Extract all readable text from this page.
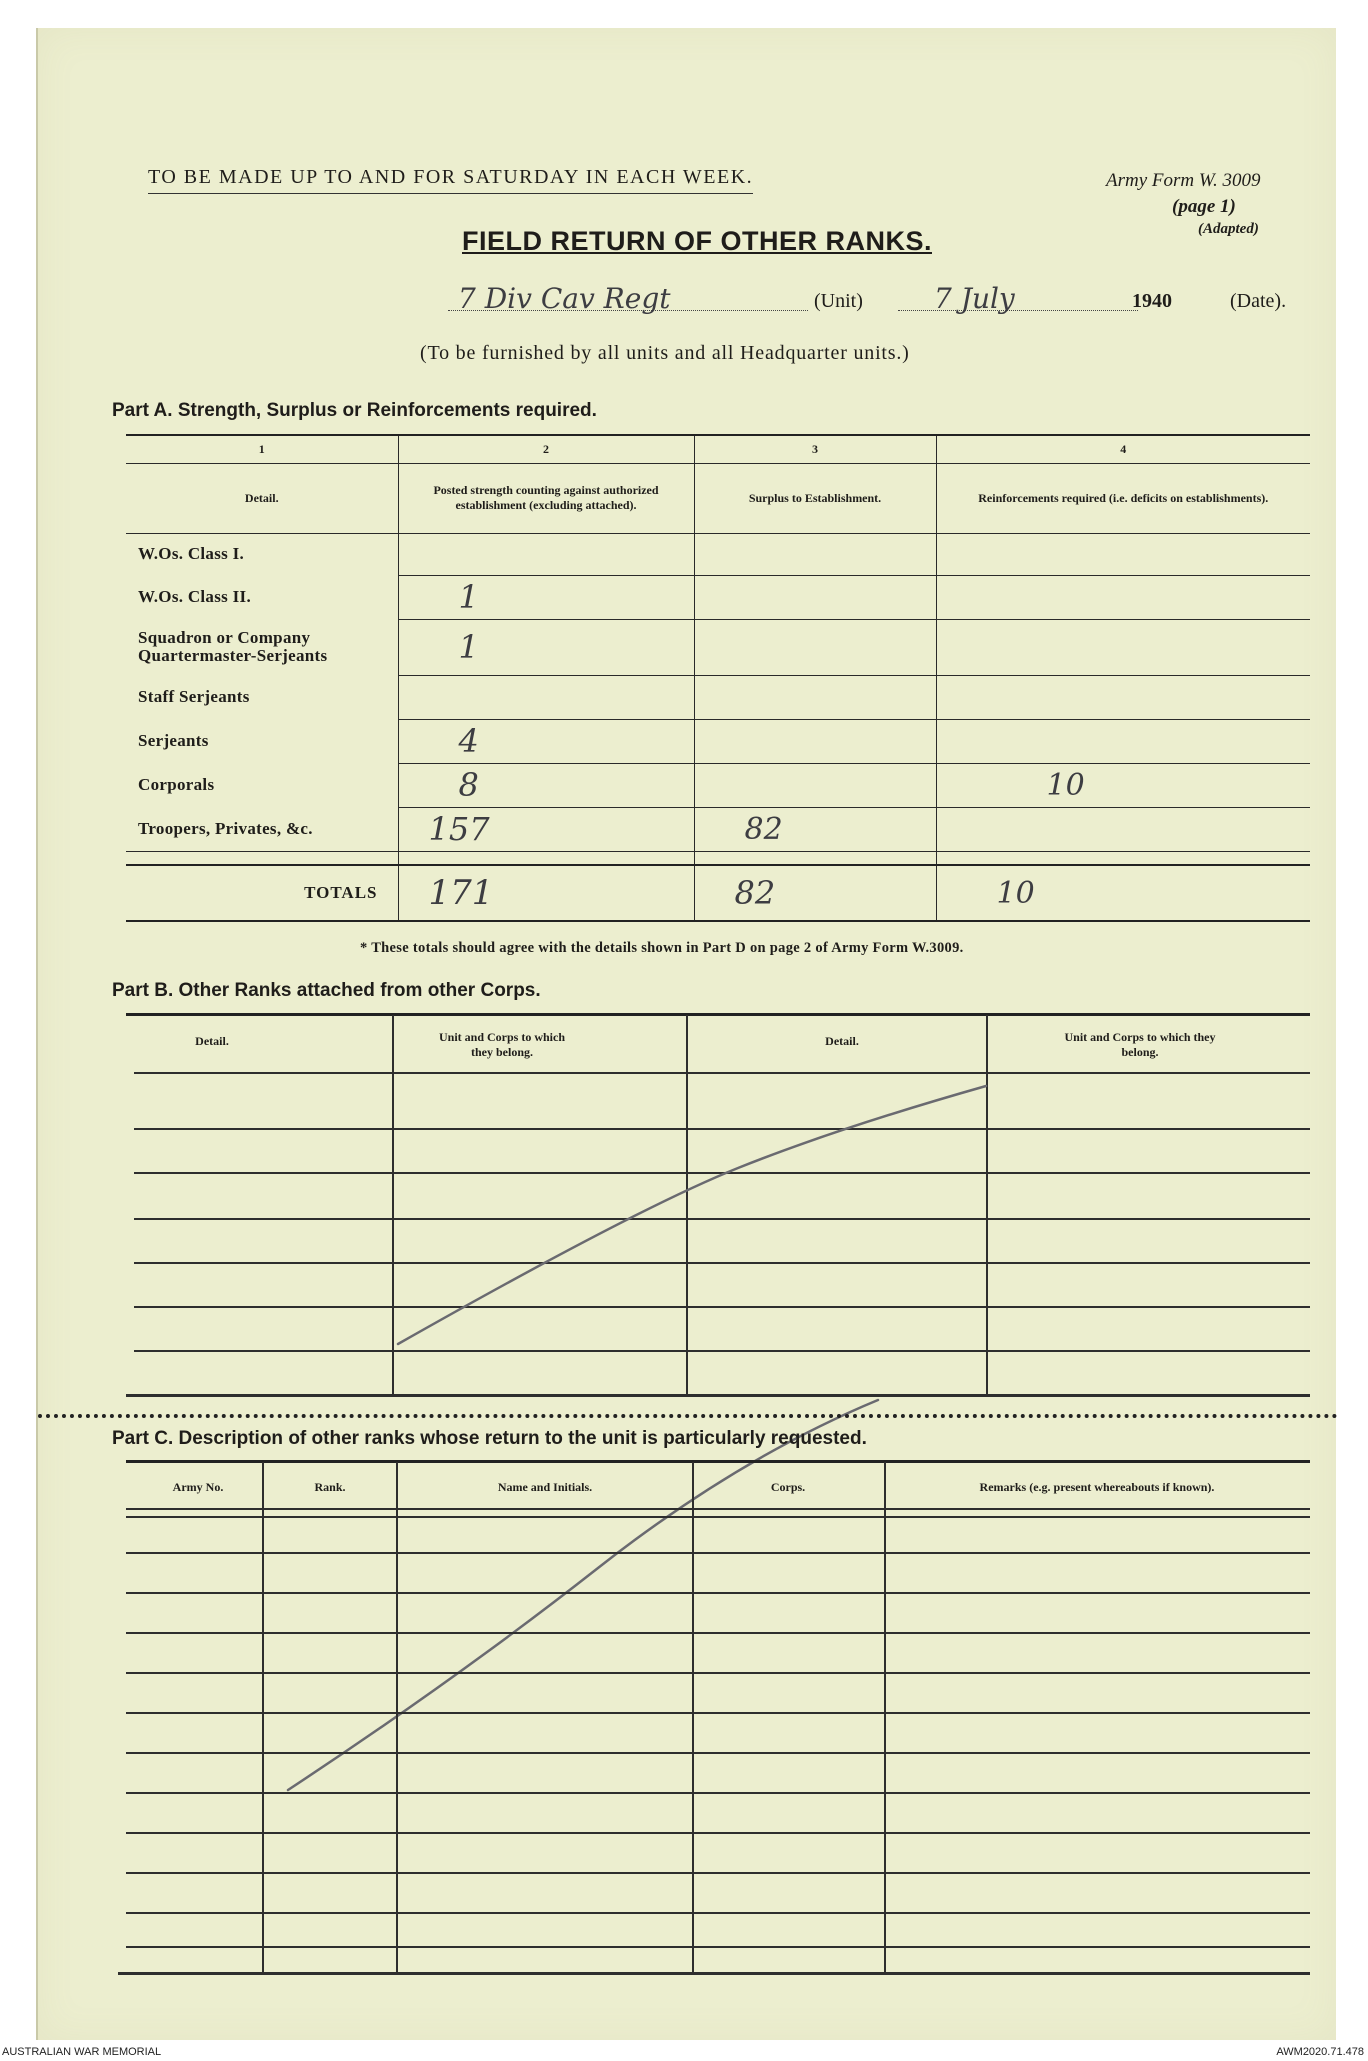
TO BE MADE UP TO AND FOR SATURDAY IN EACH WEEK.	Army Form W. 3009
(page 1)
(Adapted)
FIELD RETURN OF OTHER RANKS.
7 Div Cav Regt	(Unit)	7 July	1940	(Date).
(To be furnished by all units and all Headquarter units.)
Part A. Strength, Surplus or Reinforcements required.
1	2	3	4
Detail.	Posted strength counting against authorized establishment (excluding attached).	Surplus to Establishment.	Reinforcements required (i.e. deficits on establishments).
W.Os. Class I.			
W.Os. Class II.	1		
Squadron or Company Quartermaster-Serjeants	1		
Staff Serjeants			
Serjeants	4		
Corporals	8		10
Troopers, Privates, &c.	157	82	

TOTALS	171	82	10
* These totals should agree with the details shown in Part D on page 2 of Army Form W.3009.
Part B. Other Ranks attached from other Corps.
Detail.	Unit and Corps to which they belong.
Detail.	Unit and Corps to which they belong.
Part C. Description of other ranks whose return to the unit is particularly requested.
Army No.	Rank.	Name and Initials.	Corps.	Remarks (e.g. present whereabouts if known).
AUSTRALIAN WAR MEMORIAL	AWM2020.71.478
